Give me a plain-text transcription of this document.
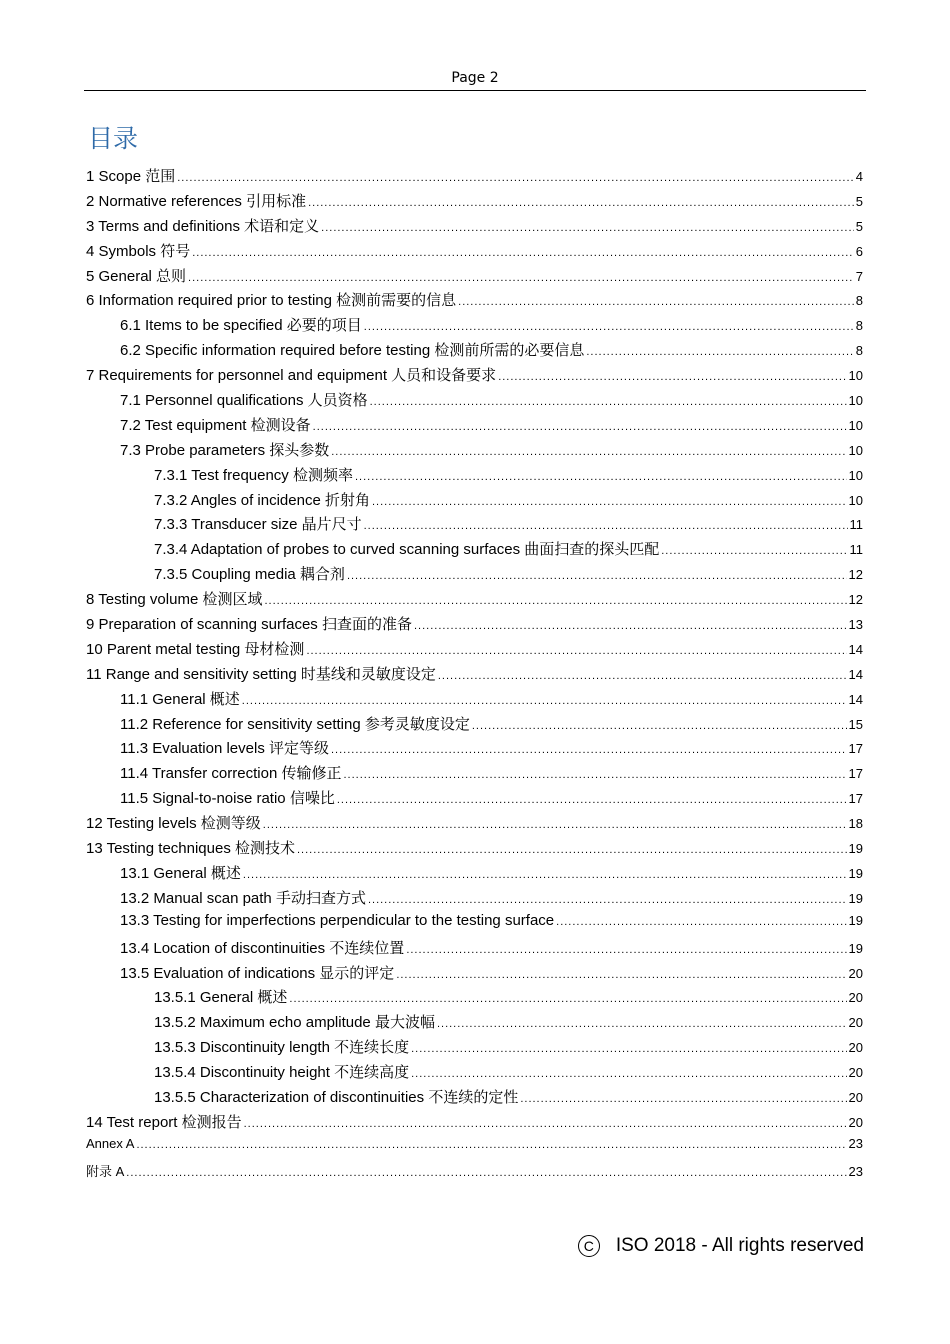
Page 2
目录
1 Scope 范围 .....	4
2 Normative references 引用标准 .....	5
3 Terms and definitions 术语和定义 .....	5
4 Symbols 符号 .....	6
5 General 总则 .....	7
6 Information required prior to testing 检测前需要的信息 .....	8
6.1 Items to be specified 必要的项目 .....	8
6.2 Specific information required before testing 检测前所需的必要信息 .....	8
7 Requirements for personnel and equipment 人员和设备要求 .....	10
7.1 Personnel qualifications 人员资格 .....	10
7.2 Test equipment 检测设备 .....	10
7.3 Probe parameters 探头参数 .....	10
7.3.1 Test frequency 检测频率 .....	10
7.3.2 Angles of incidence 折射角 .....	10
7.3.3 Transducer size 晶片尺寸 .....	11
7.3.4 Adaptation of probes to curved scanning surfaces 曲面扫查的探头匹配 .....	11
7.3.5 Coupling media 耦合剂 .....	12
8 Testing volume 检测区域 .....	12
9 Preparation of scanning surfaces 扫查面的准备 .....	13
10 Parent metal testing 母材检测 .....	14
11 Range and sensitivity setting 时基线和灵敏度设定 .....	14
11.1 General 概述 .....	14
11.2 Reference for sensitivity setting 参考灵敏度设定 .....	15
11.3 Evaluation levels 评定等级 .....	17
11.4 Transfer correction 传输修正 .....	17
11.5 Signal-to-noise ratio 信噪比 .....	17
12 Testing levels 检测等级 .....	18
13 Testing techniques 检测技术 .....	19
13.1 General 概述 .....	19
13.2 Manual scan path 手动扫查方式 .....	19
13.3 Testing for imperfections perpendicular to the testing surface .....	19
13.4 Location of discontinuities 不连续位置 .....	19
13.5 Evaluation of indications 显示的评定 .....	20
13.5.1 General 概述 .....	20
13.5.2 Maximum echo amplitude 最大波幅 .....	20
13.5.3 Discontinuity length 不连续长度 .....	20
13.5.4 Discontinuity height 不连续高度 .....	20
13.5.5 Characterization of discontinuities 不连续的定性 .....	20
14 Test report 检测报告 .....	20
Annex A .....	23
附录 A .....	23
C	ISO 2018 - All rights reserved
